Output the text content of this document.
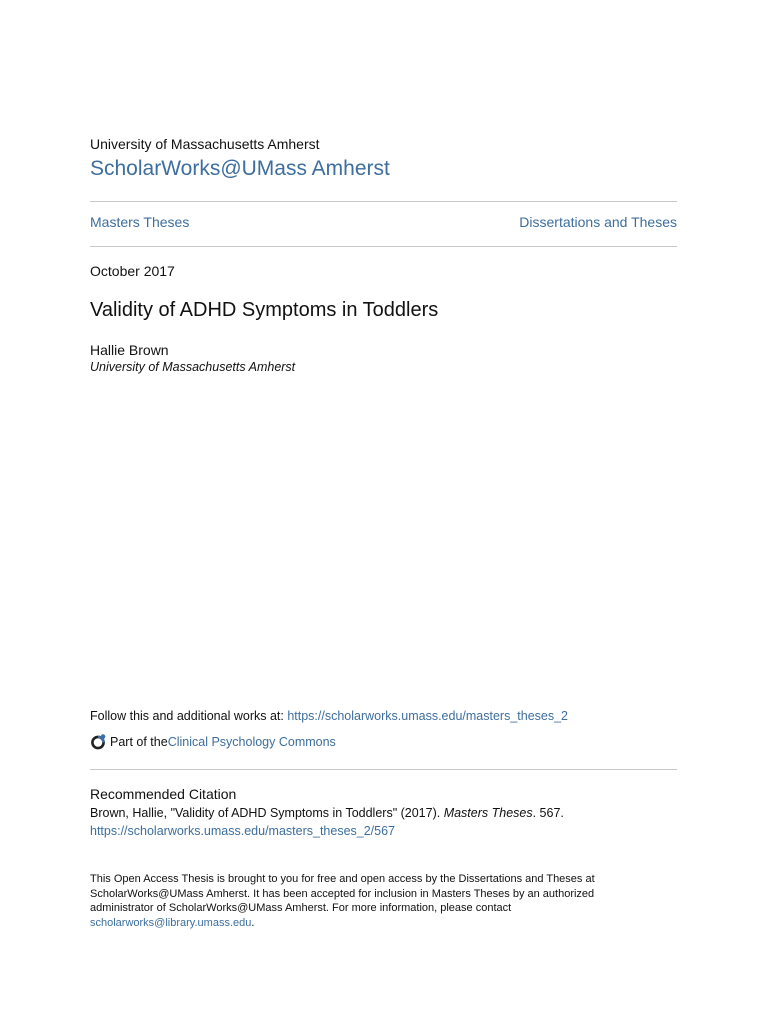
University of Massachusetts Amherst
ScholarWorks@UMass Amherst
Masters Theses	Dissertations and Theses
October 2017
Validity of ADHD Symptoms in Toddlers
Hallie Brown
University of Massachusetts Amherst
Follow this and additional works at: https://scholarworks.umass.edu/masters_theses_2
Part of the Clinical Psychology Commons
Recommended Citation
Brown, Hallie, "Validity of ADHD Symptoms in Toddlers" (2017). Masters Theses. 567.
https://scholarworks.umass.edu/masters_theses_2/567
This Open Access Thesis is brought to you for free and open access by the Dissertations and Theses at
ScholarWorks@UMass Amherst. It has been accepted for inclusion in Masters Theses by an authorized
administrator of ScholarWorks@UMass Amherst. For more information, please contact
scholarworks@library.umass.edu.
